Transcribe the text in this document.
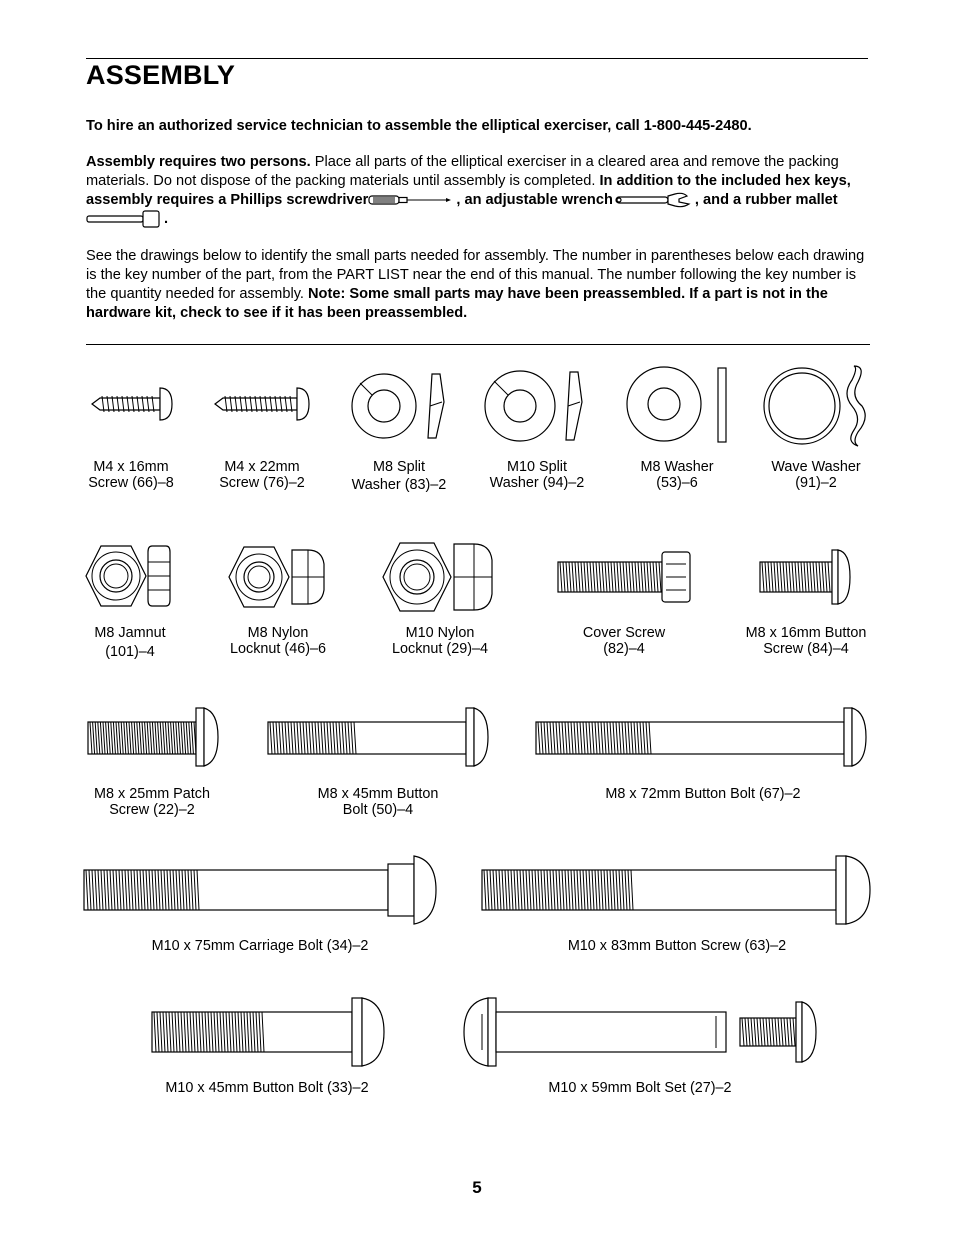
ASSEMBLY

To hire an authorized service technician to assemble the elliptical exerciser, call 1-800-445-2480.

Assembly requires two persons. Place all parts of the elliptical exerciser in a cleared area and remove the packing materials. Do not dispose of the packing materials until assembly is completed. In addition to the included hex keys, assembly requires a Phillips screwdriver	, an adjustable wrench	, and a rubber mallet
.

See the drawings below to identify the small parts needed for assembly. The number in parentheses below each drawing is the key number of the part, from the PART LIST near the end of this manual. The number following the key number is the quantity needed for assembly. Note: Some small parts may have been preassembled. If a part is not in the hardware kit, check to see if it has been preassembled.

M4 x 16mm
Screw (66)–8
M4 x 22mm
Screw (76)–2
M8 Split
Washer (83)–2
M10 Split
Washer (94)–2
M8 Washer
(53)–6
Wave Washer
(91)–2
M8 Jamnut
(101)–4
M8 Nylon
Locknut (46)–6
M10 Nylon
Locknut (29)–4
Cover Screw
(82)–4
M8 x 16mm Button
Screw (84)–4
M8 x 25mm Patch
Screw (22)–2
M8 x 45mm Button
Bolt (50)–4
M8 x 72mm Button Bolt (67)–2
M10 x 75mm Carriage Bolt (34)–2	M10 x 83mm Button Screw (63)–2
M10 x 45mm Button Bolt (33)–2	M10 x 59mm Bolt Set (27)–2
5
